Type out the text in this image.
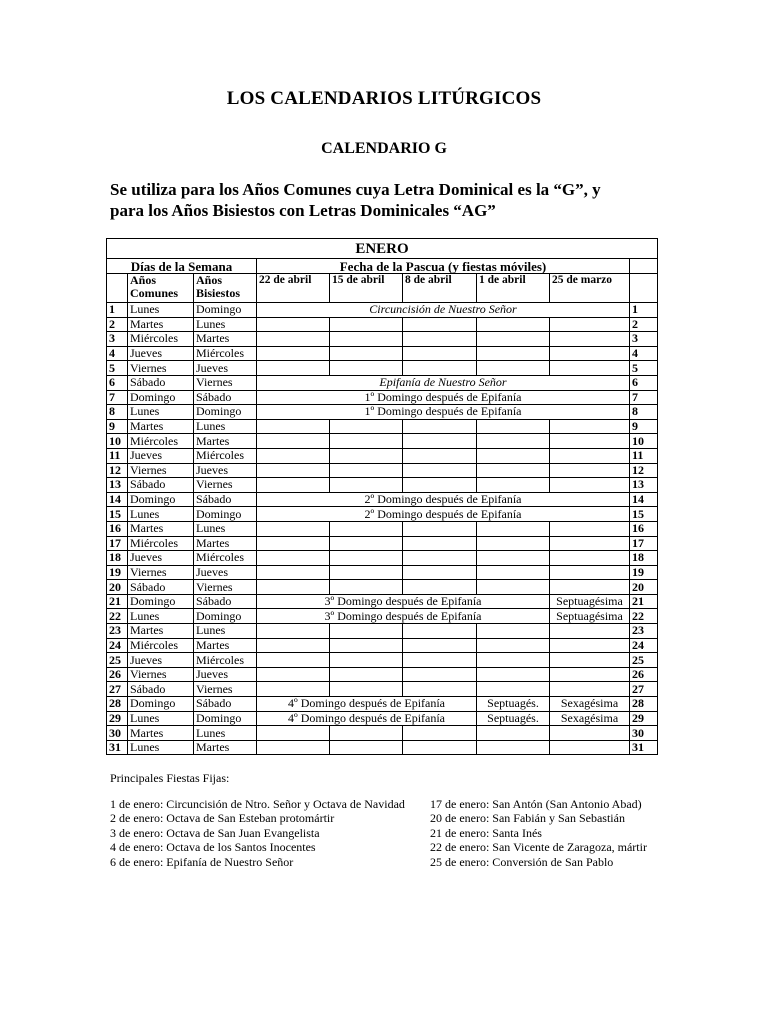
LOS CALENDARIOS LITÚRGICOS
CALENDARIO G
Se utiliza para los Años Comunes cuya Letra Dominical es la “G”, y
para los Años Bisiestos con Letras Dominicales “AG”
ENERO								
Días de la Semana			Fecha de la Pascua (y fiestas móviles)					
	Años Comunes	Años Bisiestos	22 de abril	15 de abril	8 de abril	1 de abril	25 de marzo	
1	Lunes	Domingo	Circuncisión de Nuestro Señor					1
2	Martes	Lunes						2
3	Miércoles	Martes						3
4	Jueves	Miércoles						4
5	Viernes	Jueves						5
6	Sábado	Viernes	Epifanía de Nuestro Señor					6
7	Domingo	Sábado	1º Domingo después de Epifanía					7
8	Lunes	Domingo	1º Domingo después de Epifanía					8
9	Martes	Lunes						9
10	Miércoles	Martes						10
11	Jueves	Miércoles						11
12	Viernes	Jueves						12
13	Sábado	Viernes						13
14	Domingo	Sábado	2º Domingo después de Epifanía					14
15	Lunes	Domingo	2º Domingo después de Epifanía					15
16	Martes	Lunes						16
17	Miércoles	Martes						17
18	Jueves	Miércoles						18
19	Viernes	Jueves						19
20	Sábado	Viernes						20
21	Domingo	Sábado	3º Domingo después de Epifanía				Septuagésima	21
22	Lunes	Domingo	3º Domingo después de Epifanía				Septuagésima	22
23	Martes	Lunes						23
24	Miércoles	Martes						24
25	Jueves	Miércoles						25
26	Viernes	Jueves						26
27	Sábado	Viernes						27
28	Domingo	Sábado	4º Domingo después de Epifanía			Septuagés.	Sexagésima	28
29	Lunes	Domingo	4º Domingo después de Epifanía			Septuagés.	Sexagésima	29
30	Martes	Lunes						30
31	Lunes	Martes						31
Principales Fiestas Fijas:
1 de enero: Circuncisión de Ntro. Señor y Octava de Navidad
2 de enero: Octava de San Esteban protomártir
3 de enero: Octava de San Juan Evangelista
4 de enero: Octava de los Santos Inocentes
6 de enero: Epifanía de Nuestro Señor
17 de enero: San Antón (San Antonio Abad)
20 de enero: San Fabián y San Sebastián
21 de enero: Santa Inés
22 de enero: San Vicente de Zaragoza, mártir
25 de enero: Conversión de San Pablo
